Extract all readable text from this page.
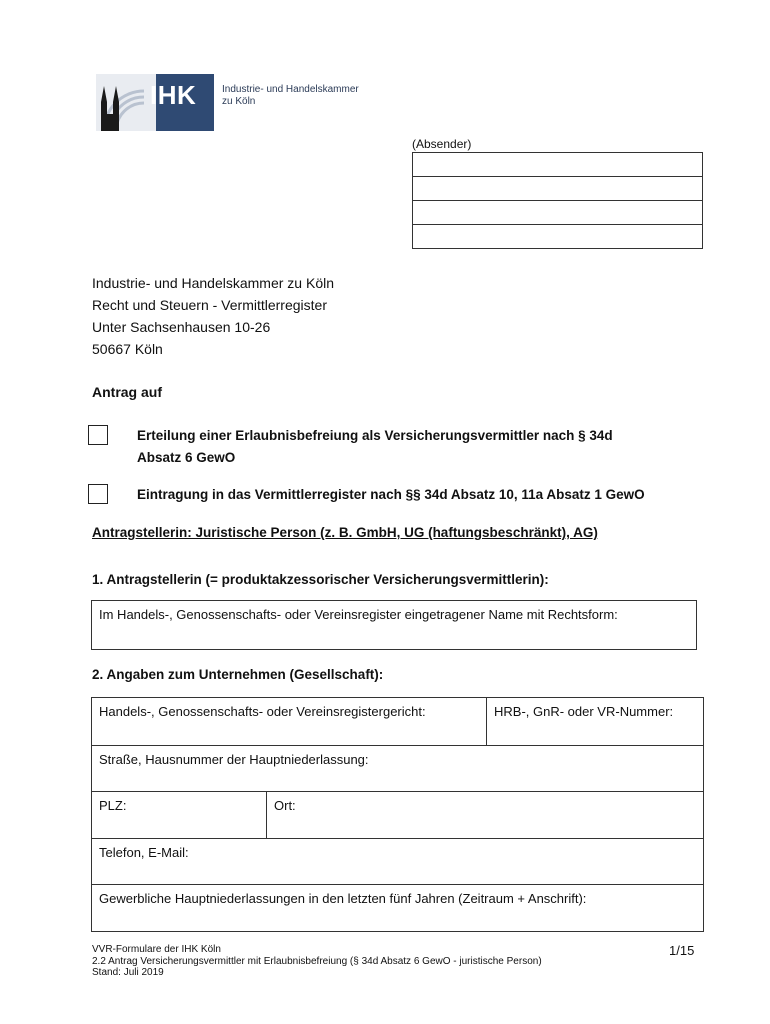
IHK	Industrie- und Handelskammer
zu Köln
(Absender)
Industrie- und Handelskammer zu Köln
Recht und Steuern - Vermittlerregister
Unter Sachsenhausen 10-26
50667 Köln
Antrag auf
Erteilung einer Erlaubnisbefreiung als Versicherungsvermittler nach § 34d
Absatz 6 GewO
Eintragung in das Vermittlerregister nach §§ 34d Absatz 10, 11a Absatz 1 GewO
Antragstellerin: Juristische Person (z. B. GmbH, UG (haftungsbeschränkt), AG)
1. Antragstellerin (= produktakzessorischer Versicherungsvermittlerin):
Im Handels-, Genossenschafts- oder Vereinsregister eingetragener Name mit Rechtsform:
2. Angaben zum Unternehmen (Gesellschaft):
Handels-, Genossenschafts- oder Vereinsregistergericht:	HRB-, GnR- oder VR-Nummer:
Straße, Hausnummer der Hauptniederlassung:
PLZ:	Ort:
Telefon, E-Mail:
Gewerbliche Hauptniederlassungen in den letzten fünf Jahren (Zeitraum + Anschrift):
VVR-Formulare der IHK Köln
2.2 Antrag Versicherungsvermittler mit Erlaubnisbefreiung (§ 34d Absatz 6 GewO - juristische Person)
Stand: Juli 2019
1/15
